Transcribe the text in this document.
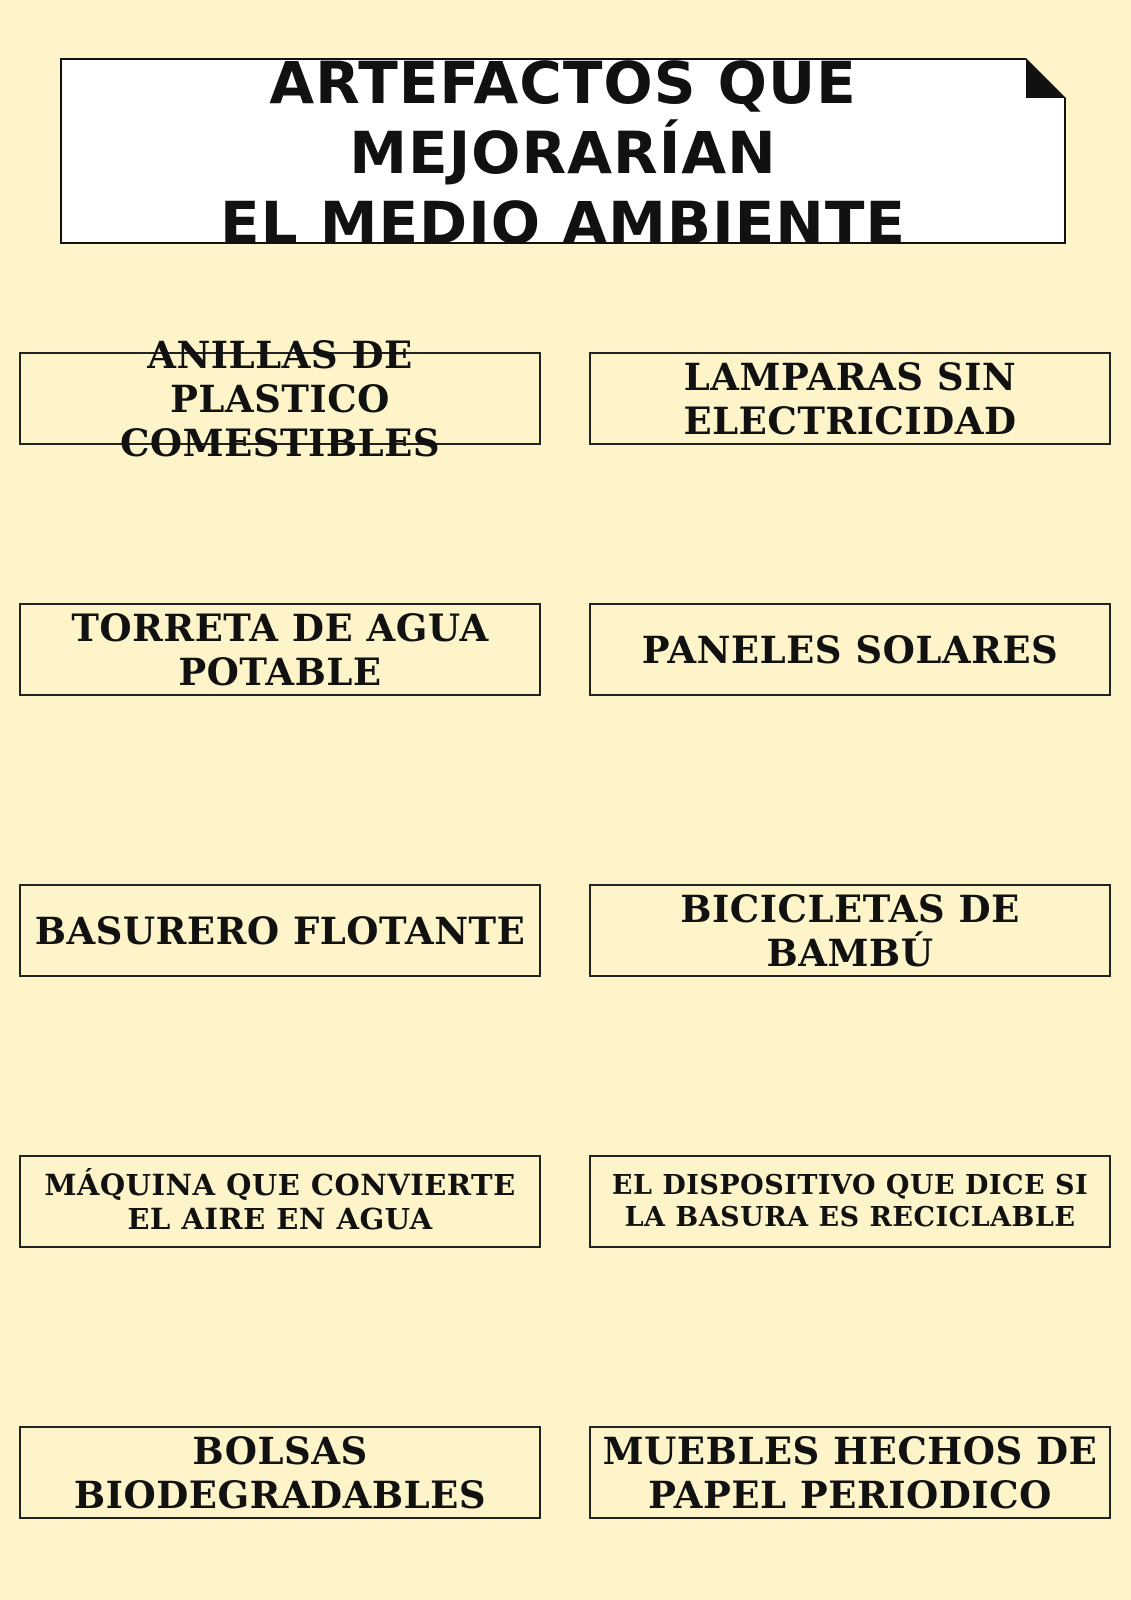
ARTEFACTOS QUE MEJORARÍAN
EL MEDIO AMBIENTE
ANILLAS DE PLASTICO
COMESTIBLES
LAMPARAS SIN
ELECTRICIDAD
TORRETA DE AGUA
POTABLE	PANELES SOLARES
BASURERO FLOTANTE	BICICLETAS DE
BAMBÚ
MÁQUINA QUE CONVIERTE
EL AIRE EN AGUA
EL DISPOSITIVO QUE DICE SI
LA BASURA ES RECICLABLE
BOLSAS
BIODEGRADABLES
MUEBLES HECHOS DE
PAPEL PERIODICO
